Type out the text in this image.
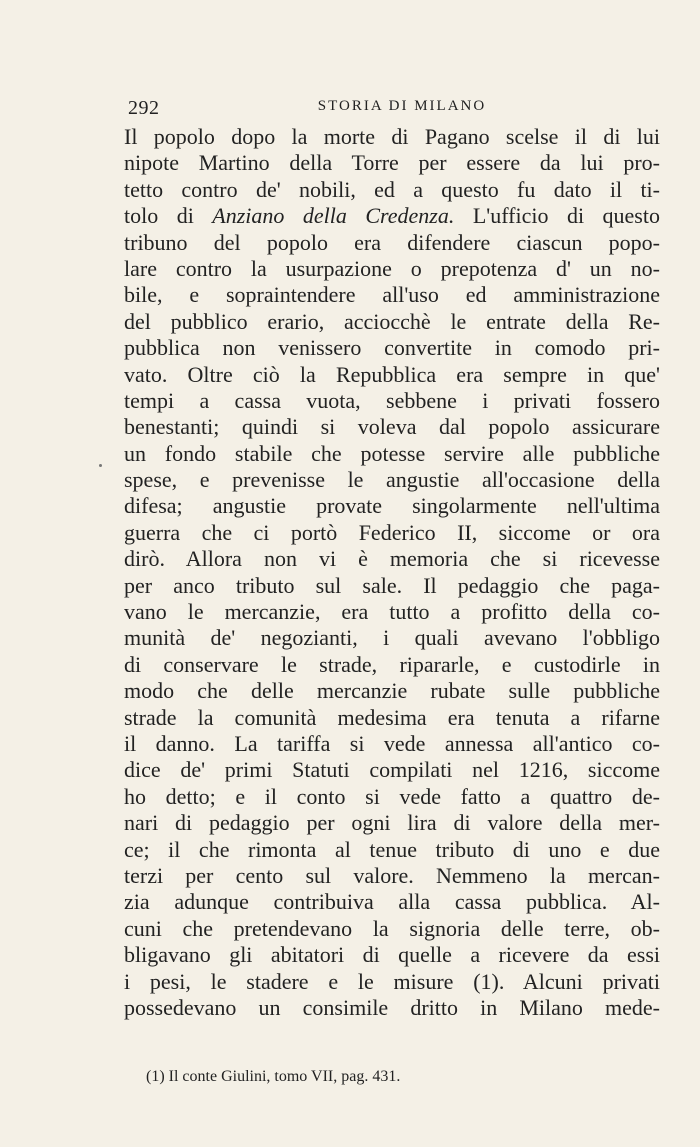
292	STORIA DI MILANO
Il popolo dopo la morte di Pagano scelse il di lui
nipote Martino della Torre per essere da lui pro-
tetto contro de' nobili, ed a questo fu dato il ti-
tolo di Anziano della Credenza. L'ufficio di questo
tribuno del popolo era difendere ciascun popo-
lare contro la usurpazione o prepotenza d' un no-
bile, e sopraintendere all'uso ed amministrazione
del pubblico erario, acciocchè le entrate della Re-
pubblica non venissero convertite in comodo pri-
vato. Oltre ciò la Repubblica era sempre in que'
tempi a cassa vuota, sebbene i privati fossero
benestanti; quindi si voleva dal popolo assicurare
un fondo stabile che potesse servire alle pubbliche
spese, e prevenisse le angustie all'occasione della
difesa; angustie provate singolarmente nell'ultima
guerra che ci portò Federico II, siccome or ora
dirò. Allora non vi è memoria che si ricevesse
per anco tributo sul sale. Il pedaggio che paga-
vano le mercanzie, era tutto a profitto della co-
munità de' negozianti, i quali avevano l'obbligo
di conservare le strade, ripararle, e custodirle in
modo che delle mercanzie rubate sulle pubbliche
strade la comunità medesima era tenuta a rifarne
il danno. La tariffa si vede annessa all'antico co-
dice de' primi Statuti compilati nel 1216, siccome
ho detto; e il conto si vede fatto a quattro de-
nari di pedaggio per ogni lira di valore della mer-
ce; il che rimonta al tenue tributo di uno e due
terzi per cento sul valore. Nemmeno la mercan-
zia adunque contribuiva alla cassa pubblica. Al-
cuni che pretendevano la signoria delle terre, ob-
bligavano gli abitatori di quelle a ricevere da essi
i pesi, le stadere e le misure (1). Alcuni privati
possedevano un consimile dritto in Milano mede-
(1) Il conte Giulini, tomo VII, pag. 431.
